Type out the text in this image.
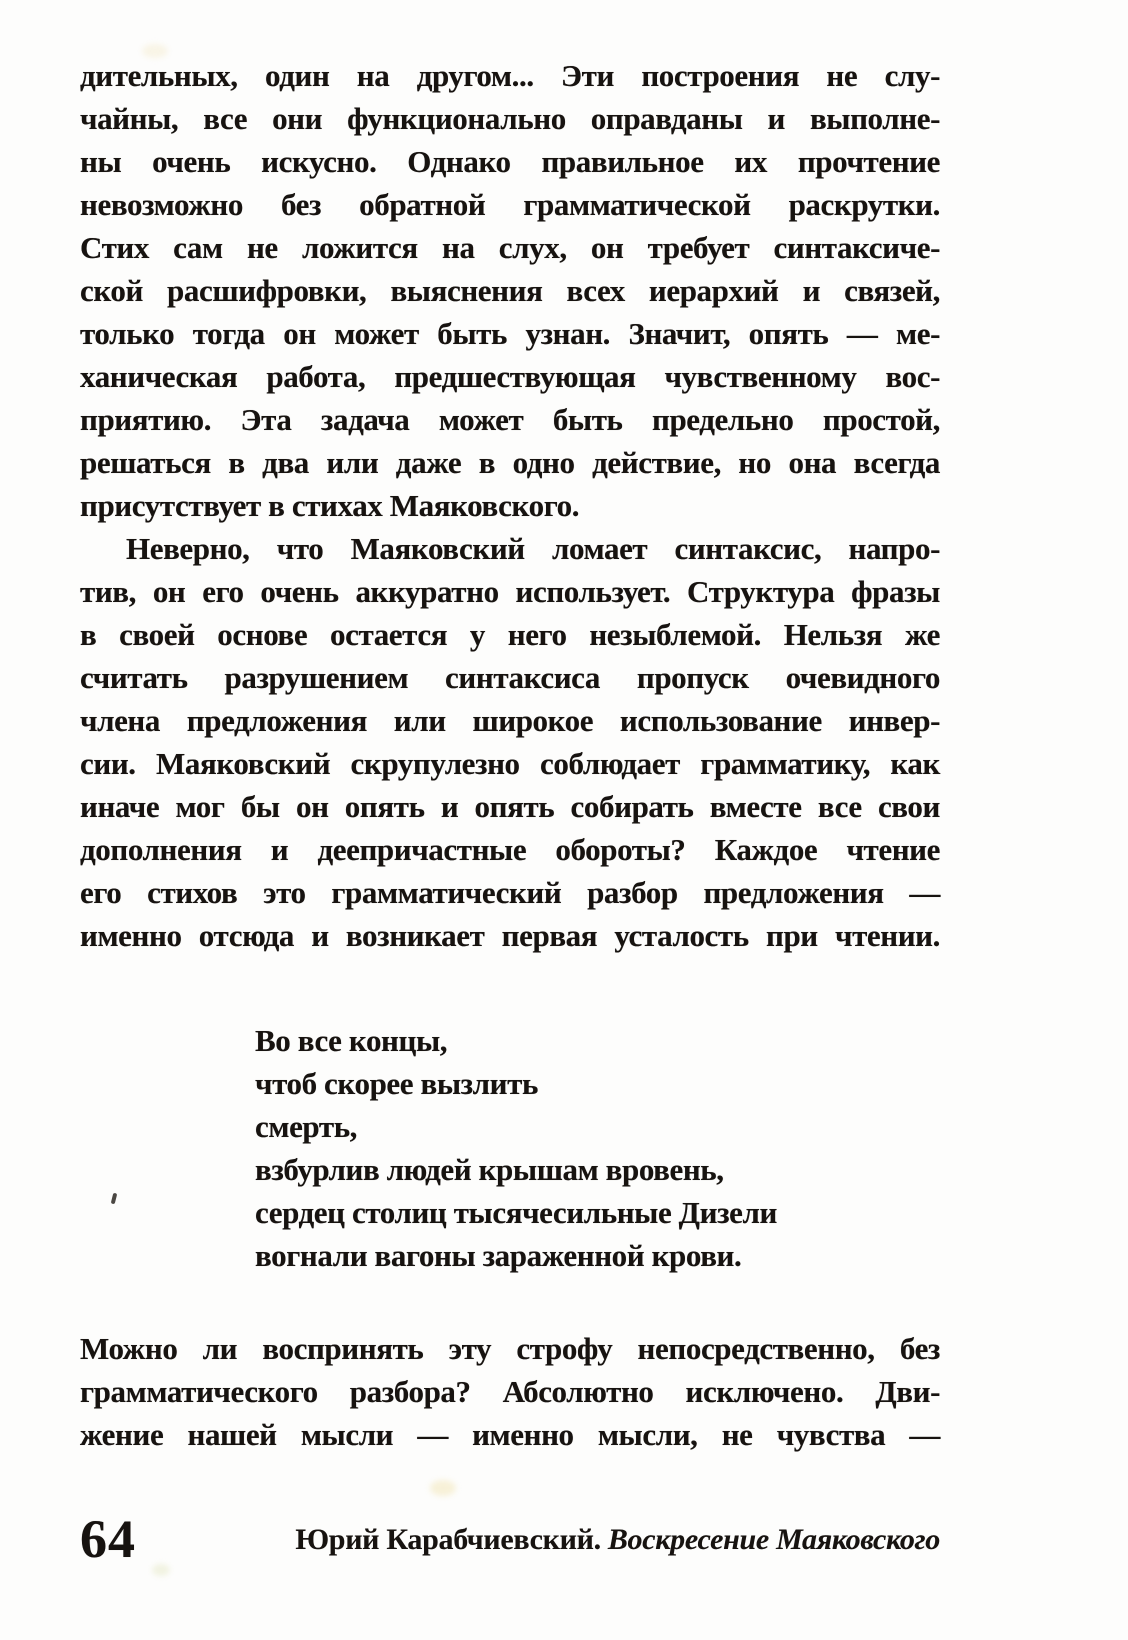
дительных, один на другом... Эти построения не слу-
чайны, все они функционально оправданы и выполне-
ны очень искусно. Однако правильное их прочтение
невозможно без обратной грамматической раскрутки.
Стих сам не ложится на слух, он требует синтаксиче-
ской расшифровки, выяснения всех иерархий и связей,
только тогда он может быть узнан. Значит, опять — ме-
ханическая работа, предшествующая чувственному вос-
приятию. Эта задача может быть предельно простой,
решаться в два или даже в одно действие, но она всегда
присутствует в стихах Маяковского.
Неверно, что Маяковский ломает синтаксис, напро-
тив, он его очень аккуратно использует. Структура фразы
в своей основе остается у него незыблемой. Нельзя же
считать разрушением синтаксиса пропуск очевидного
члена предложения или широкое использование инвер-
сии. Маяковский скрупулезно соблюдает грамматику, как
иначе мог бы он опять и опять собирать вместе все свои
дополнения и деепричастные обороты? Каждое чтение
его стихов это грамматический разбор предложения —
именно отсюда и возникает первая усталость при чтении.
Во все концы,
чтоб скорее вызлить
смерть,
взбурлив людей крышам вровень,
сердец столиц тысячесильные Дизели
вогнали вагоны зараженной крови.
Можно ли воспринять эту строфу непосредственно, без
грамматического разбора? Абсолютно исключено. Дви-
жение нашей мысли — именно мысли, не чувства —
64	Юрий Карабчиевский. Воскресение Маяковского
